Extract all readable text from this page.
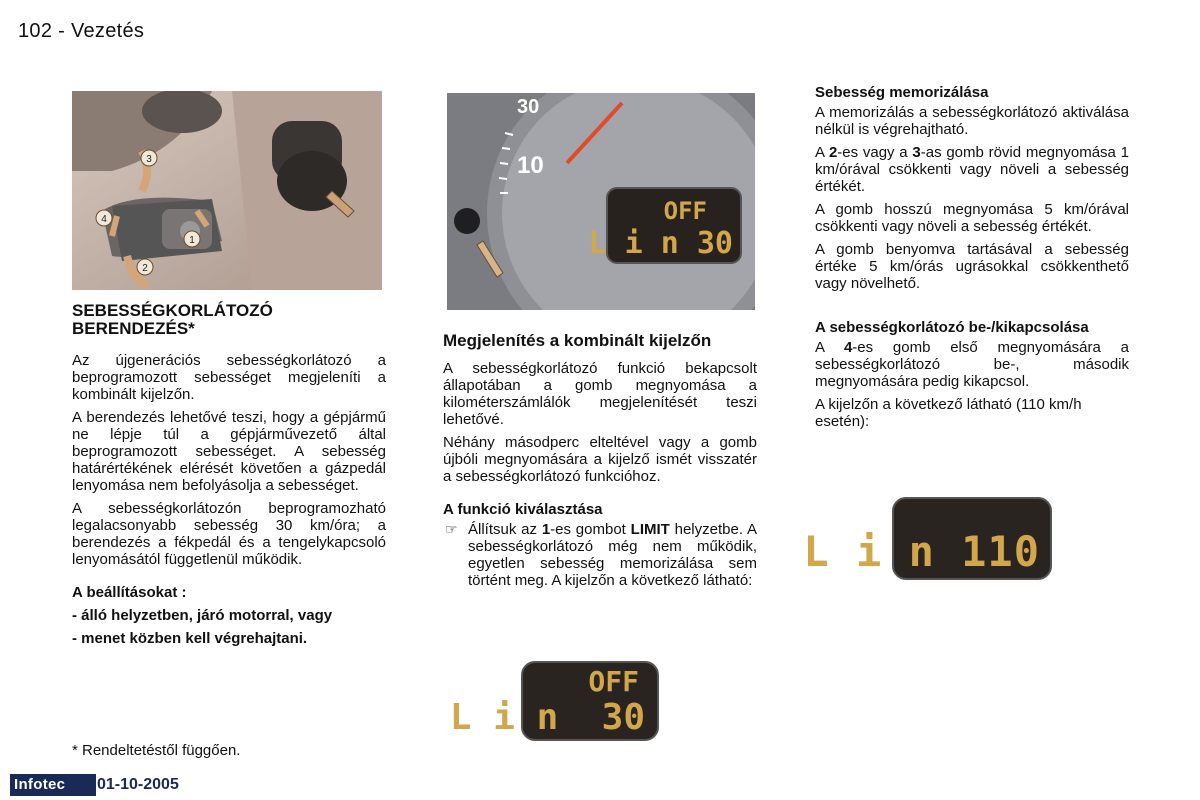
102 - Vezetés
1
2
3
4
30
10
OFF
L i n 30
SEBESSÉGKORLÁTOZÓ BERENDEZÉS*

Az újgenerációs sebességkorlátozó a beprogramozott sebességet megjeleníti a kombinált kijelzőn.

A berendezés lehetővé teszi, hogy a gépjármű ne lépje túl a gépjárművezető által beprogramozott sebességet. A sebesség határértékének elérését követően a gázpedál lenyomása nem befolyásolja a sebességet.

A sebességkorlátozón beprogramozható legalacsonyabb sebesség 30 km/óra; a berendezés a fékpedál és a tengelykapcsoló lenyomásától függetlenül működik.

A beállításokat :
- álló helyzetben, járó motorral, vagy
- menet közben kell végrehajtani.
Megjelenítés a kombinált kijelzőn

A sebességkorlátozó funkció bekapcsolt állapotában a gomb megnyomása a kilométerszámlálók megjelenítését teszi lehetővé.

Néhány másodperc elteltével vagy a gomb újbóli megnyomására a kijelző ismét visszatér a sebességkorlátozó funkcióhoz.

A funkció kiválasztása
☞ Állítsuk az 1-es gombot LIMIT helyzetbe. A sebességkorlátozó még nem működik, egyetlen sebesség memorizálása sem történt meg. A kijelzőn a következő látható:
OFF
L i n  30
Sebesség memorizálása

A memorizálás a sebességkorlátozó aktiválása nélkül is végrehajtható.

A 2-es vagy a 3-as gomb rövid megnyomása 1 km/órával csökkenti vagy növeli a sebesség értékét.

A gomb hosszú megnyomása 5 km/órával csökkenti vagy növeli a sebesség értékét.

A gomb benyomva tartásával a sebesség értéke 5 km/órás ugrásokkal csökkenthető vagy növelhető.

A sebességkorlátozó be-/kikapcsolása

A 4-es gomb első megnyomására a sebességkorlátozó be-, második megnyomására pedig kikapcsol.

A kijelzőn a következő látható (110 km/h esetén):

L i n 110
* Rendeltetéstől függően.
Infotec	01-10-2005
